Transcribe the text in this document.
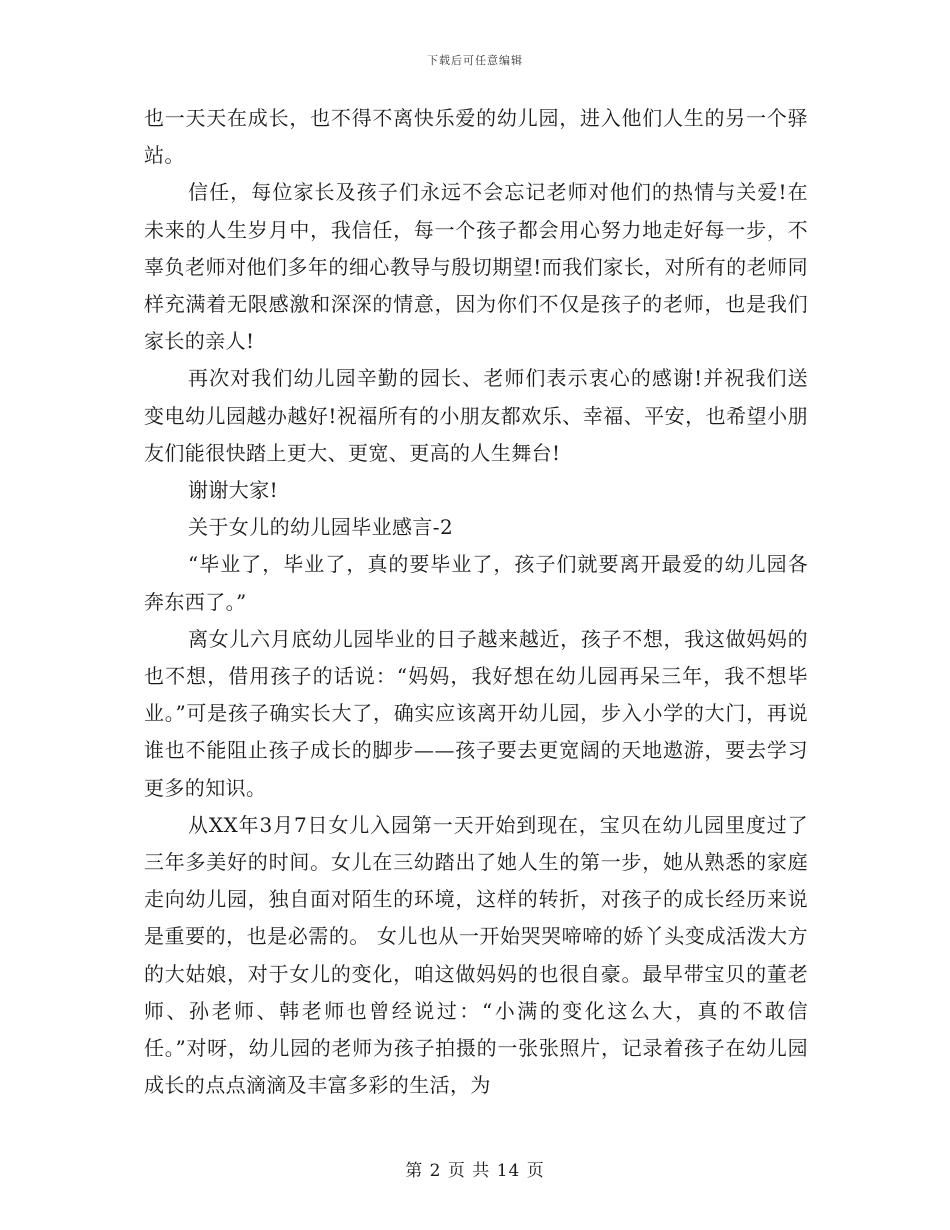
下载后可任意编辑

也一天天在成长，也不得不离快乐爱的幼儿园，进入他们人生的另一个驿站。

信任，每位家长及孩子们永远不会忘记老师对他们的热情与关爱!在未来的人生岁月中，我信任，每一个孩子都会用心努力地走好每一步，不辜负老师对他们多年的细心教导与殷切期望!而我们家长，对所有的老师同样充满着无限感激和深深的情意，因为你们不仅是孩子的老师，也是我们家长的亲人!

再次对我们幼儿园辛勤的园长、老师们表示衷心的感谢!并祝我们送变电幼儿园越办越好!祝福所有的小朋友都欢乐、幸福、平安，也希望小朋友们能很快踏上更大、更宽、更高的人生舞台!

谢谢大家!

关于女儿的幼儿园毕业感言-2

“毕业了，毕业了，真的要毕业了，孩子们就要离开最爱的幼儿园各奔东西了。”

离女儿六月底幼儿园毕业的日子越来越近，孩子不想，我这做妈妈的也不想，借用孩子的话说：“妈妈，我好想在幼儿园再呆三年，我不想毕业。”可是孩子确实长大了，确实应该离开幼儿园，步入小学的大门，再说谁也不能阻止孩子成长的脚步——孩子要去更宽阔的天地遨游，要去学习更多的知识。

从XX年3月7日女儿入园第一天开始到现在，宝贝在幼儿园里度过了三年多美好的时间。女儿在三幼踏出了她人生的第一步，她从熟悉的家庭走向幼儿园，独自面对陌生的环境，这样的转折，对孩子的成长经历来说是重要的，也是必需的。 女儿也从一开始哭哭啼啼的娇丫头变成活泼大方的大姑娘，对于女儿的变化，咱这做妈妈的也很自豪。最早带宝贝的董老师、孙老师、韩老师也曾经说过：“小满的变化这么大，真的不敢信任。”对呀，幼儿园的老师为孩子拍摄的一张张照片，记录着孩子在幼儿园成长的点点滴滴及丰富多彩的生活，为

第 2 页 共 14 页
